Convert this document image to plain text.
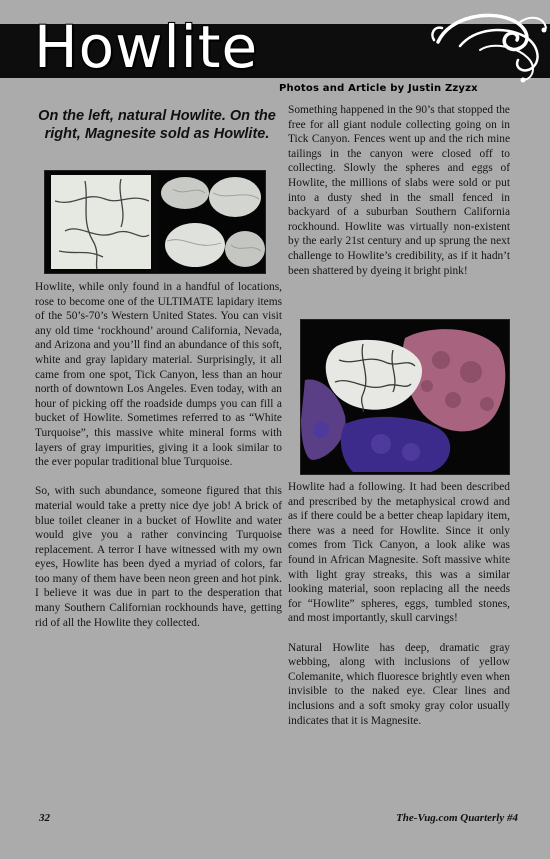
Howlite
Photos and Article by Justin Zzyzx
On the left, natural Howlite. On the right, Magnesite sold as Howlite.

Howlite, while only found in a handful of locations, rose to become one of the ULTIMATE lapidary items of the 50’s-70’s Western United States. You can visit any old time ‘rockhound’ around California, Nevada, and Arizona and you’ll find an abundance of this soft, white and gray lapidary material. Surprisingly, it all came from one spot, Tick Canyon, less than an hour north of downtown Los Angeles. Even today, with an hour of picking off the roadside dumps you can fill a bucket of Howlite. Sometimes referred to as “White Turquoise”, this massive white mineral forms with layers of gray impurities, giving it a look similar to the ever popular traditional blue Turquoise.

So, with such abundance, someone figured that this material would take a pretty nice dye job! A brick of blue toilet cleaner in a bucket of Howlite and water would give you a rather convincing Turquoise replacement. A terror I have witnessed with my own eyes, Howlite has been dyed a myriad of colors, far too many of them have been neon green and hot pink. I believe it was due in part to the desperation that many Southern Californian rockhounds have, getting rid of all the Howlite they collected.

Something happened in the 90’s that stopped the free for all giant nodule collecting going on in Tick Canyon. Fences went up and the rich mine tailings in the canyon were closed off to collecting. Slowly the spheres and eggs of Howlite, the millions of slabs were sold or put into a dusty shed in the small fenced in backyard of a suburban Southern California rockhound. Howlite was virtually non-existent by the early 21st century and up sprung the next challenge to Howlite’s credibility, as if it hadn’t been shattered by dyeing it bright pink!

Howlite had a following. It had been described and prescribed by the metaphysical crowd and as if there could be a better cheap lapidary item, there was a need for Howlite. Since it only comes from Tick Canyon, a look alike was found in African Magnesite. Soft massive white with light gray streaks, this was a similar looking material, soon replacing all the needs for “Howlite” spheres, eggs, tumbled stones, and most importantly, skull carvings!

Natural Howlite has deep, dramatic gray webbing, along with inclusions of yellow Colemanite, which fluoresce brightly even when invisible to the naked eye. Clear lines and inclusions and a soft smoky gray color usually indicates that it is Magnesite.

32	The-Vug.com Quarterly #4
